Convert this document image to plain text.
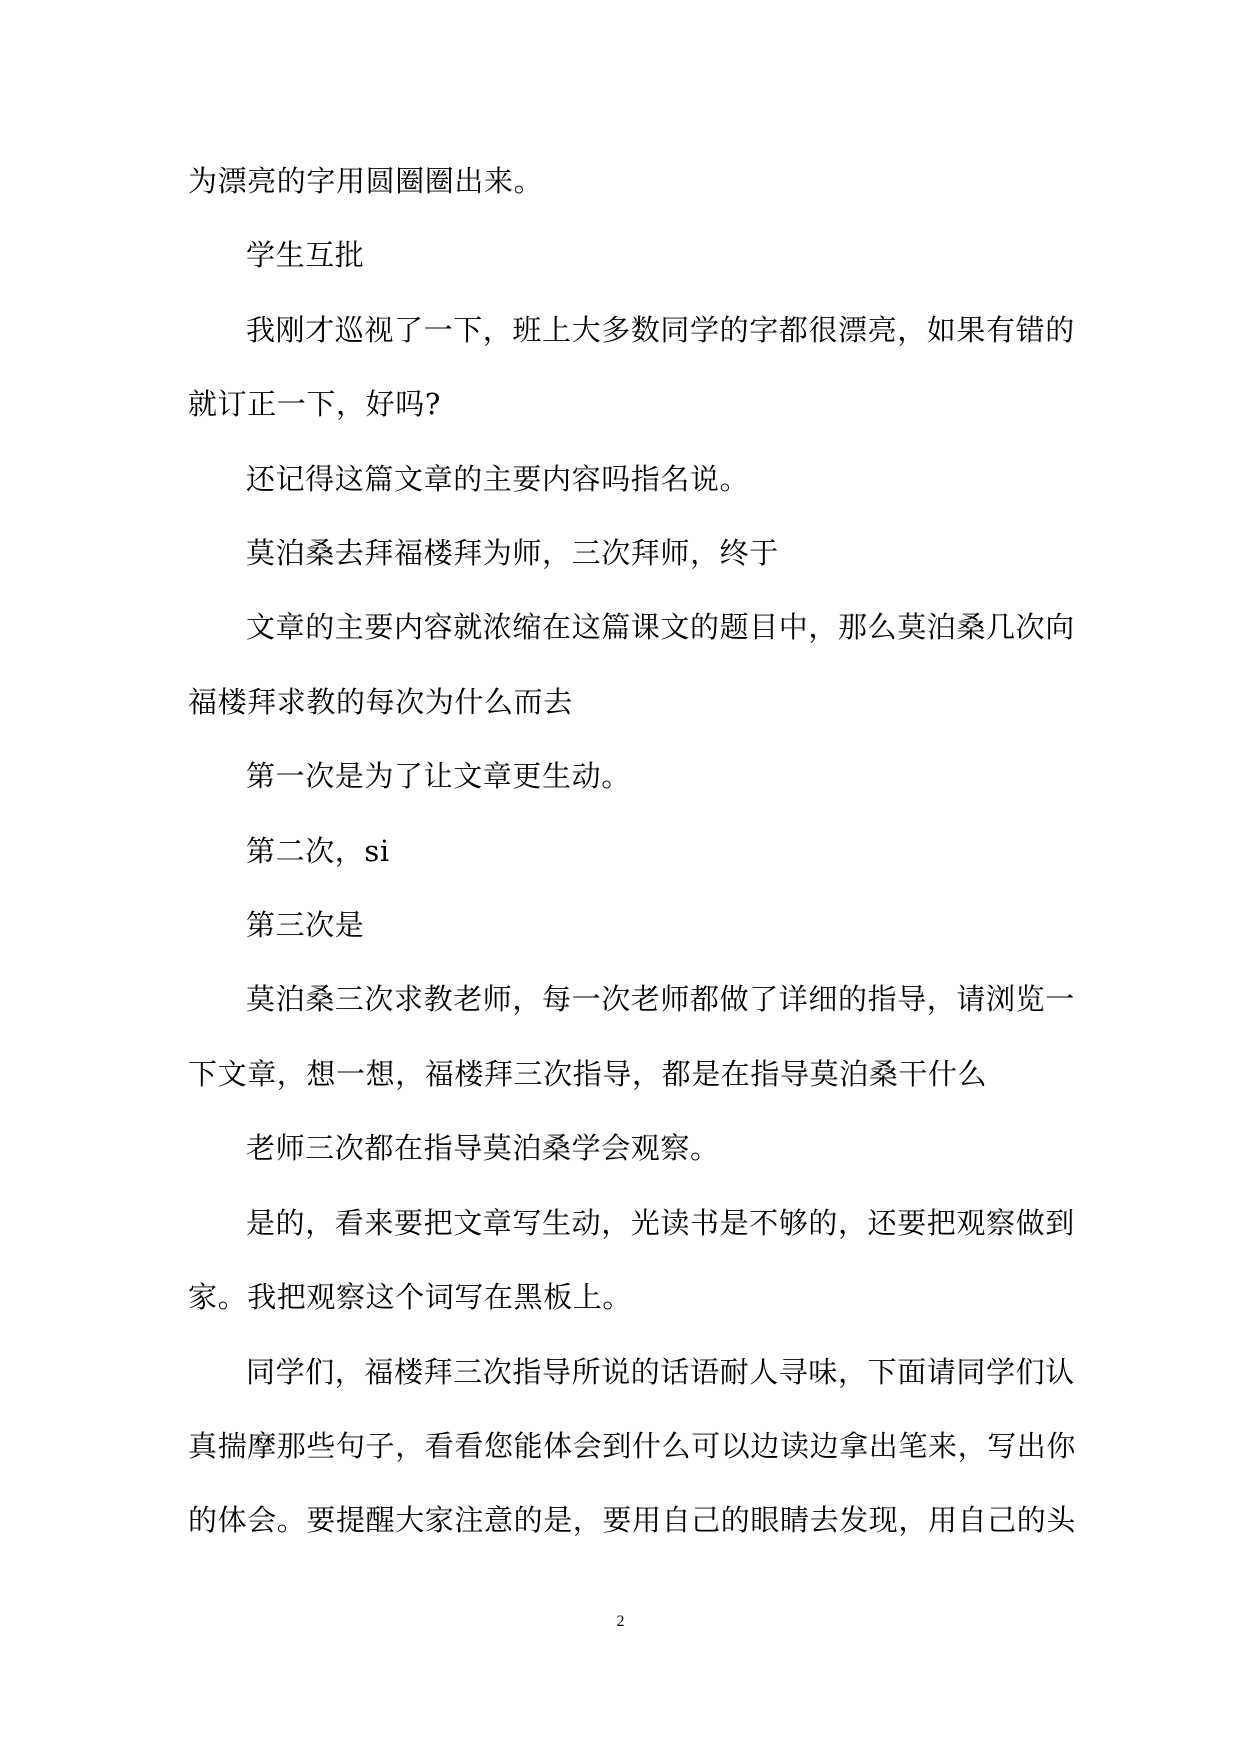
为漂亮的字用圆圈圈出来。

学生互批

我刚才巡视了一下，班上大多数同学的字都很漂亮，如果有错的

就订正一下，好吗?

还记得这篇文章的主要内容吗指名说。

莫泊桑去拜福楼拜为师，三次拜师，终于

文章的主要内容就浓缩在这篇课文的题目中，那么莫泊桑几次向

福楼拜求教的每次为什么而去

第一次是为了让文章更生动。

第二次，si

第三次是

莫泊桑三次求教老师，每一次老师都做了详细的指导，请浏览一

下文章，想一想，福楼拜三次指导，都是在指导莫泊桑干什么

老师三次都在指导莫泊桑学会观察。

是的，看来要把文章写生动，光读书是不够的，还要把观察做到

家。我把观察这个词写在黑板上。

同学们，福楼拜三次指导所说的话语耐人寻味，下面请同学们认

真揣摩那些句子，看看您能体会到什么可以边读边拿出笔来，写出你

的体会。要提醒大家注意的是，要用自己的眼睛去发现，用自己的头

2
